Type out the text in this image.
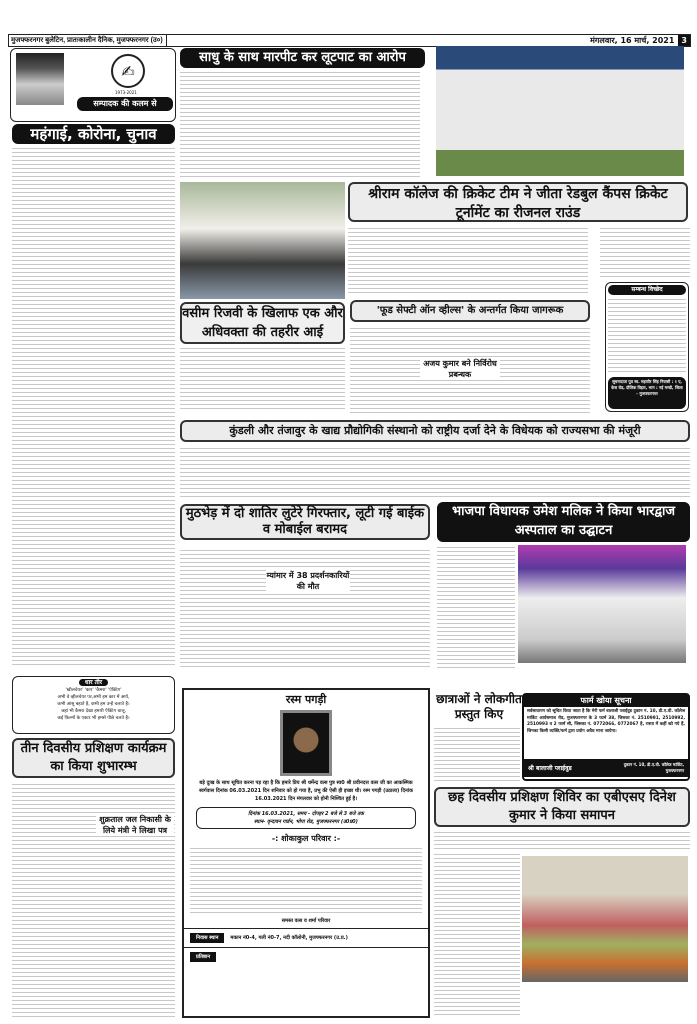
मुजफ्फरनगर बुलेटिन, प्रातःकालीन दैनिक, मुजफ्फरनगर (उ०)	मंगलवार, 16 मार्च, 2021 3
✍
1973-2021
सम्पादक की कलम से
महंगाई, कोरोना, चुनाव
साधु के साथ मारपीट कर लूटपाट का आरोप
श्रीराम कॉलेज की क्रिकेट टीम ने जीता रेडबुल कैंपस क्रिकेट टूर्नामेंट का रीजनल राउंड
वसीम रिजवी के खिलाफ एक और अधिवक्ता की तहरीर आई
'फूड सेफ्टी ऑन व्हील्स' के अन्तर्गत किया जागरूक
अजय कुमार बने निर्विरोध प्रबन्धक
सम्बन्ध विच्छेद
सूचनादाता पुत्र स्व. महावीर सिंह निवासी : १ ए, केस रोड, दौलिक विहार, भाग : नई मण्डी, जिला - मुजफ्फरनगर
कुंडली और तंजावुर के खाद्य प्रौद्योगिकी संस्थानो को राष्ट्रीय दर्जा देने के विधेयक को राज्यसभा की मंजूरी
मुठभेड़ में दो शातिर लुटेरे गिरफ्तार, लूटी गई बाईक व मोबाईल बरामद
म्यांमार में 38 प्रदर्शनकारियों की मौत
भाजपा विधायक उमेश मलिक ने किया भारद्वाज अस्पताल का उद्घाटन
धार तीर
'खीलचेयर' 'कार' 'कैमरा' 'ऐक्टिंग'
अभी वे व्हीलचेयर पर,अभी हम कार में आये,
कभी आंसू बहाते है, कभी हम उन्हें चलाते है।
जहां भी कैमरा देखा हमारी ऐक्टिंग चालू,
कई फ़िल्मों के एक्टर भी हमसे पीछे चलते है।
तीन दिवसीय प्रशिक्षण कार्यक्रम का किया शुभारम्भ
शुक्रताल जल निकासी के लिये मंत्री ने लिखा पत्र
रस्म पगड़ी
बड़े दुःख के साथ सूचित करना पड़ रहा है कि हमारे प्रिय श्री धर्मेन्द्र वत्स पुत्र स्व0 श्री प्रवीनदत्त वत्स जी का आकस्मिक स्वर्गवास दिनांक 06.03.2021 दिन शनिवार को हो गया है, प्रभु की ऐसी ही इच्छा थी। रस्म पगड़ी (उठाला) दिनांक 16.03.2021 दिन मंगलवार को होनी निश्चित हुई है।
दिनांक 16.03.2021, समय - दोपहर 2 बजे से 3 बजे तक
स्थान- वृन्दावन गार्डन, भोपा रोड, मुजफ्फरनगर (उ0प्र0)
-: शोकाकुल परिवार :-
समस्त वत्स व शर्मा परिवार
निवास स्थान	मकान नं0-4, गली नं0-7, नदी कॉलोनी, मुजफ्फरनगर (उ.प्र.)
प्रतिष्ठान
छात्राओं ने लोकगीत प्रस्तुत किए
फार्म खोया सूचना
सर्वसाधारण को सूचित किया जाता है कि मेरी फर्म बालाजी प्लाईवुड दुकान नं. 10, डी.ए.वी. कॉलेज मार्किट आर्यसमाज रोड, मुजफ्फरनगर के 3 फार्म 38, जिसका नं. 2510991, 2510992, 2510993 व 2 फार्म सी, जिसका नं. 0772066, 0772067 है, रास्ता में कहीं खो गये हैं, जिनका किसी व्यक्ति/फर्म द्वारा प्रयोग अवैध माना जायेगा।
श्री बालाजी प्लाईवुड
दुकान नं. 10, डी.ए.वी. कॉलेज मार्किट, मुजफ्फरनगर
छह दिवसीय प्रशिक्षण शिविर का एबीएसए दिनेश कुमार ने किया समापन
